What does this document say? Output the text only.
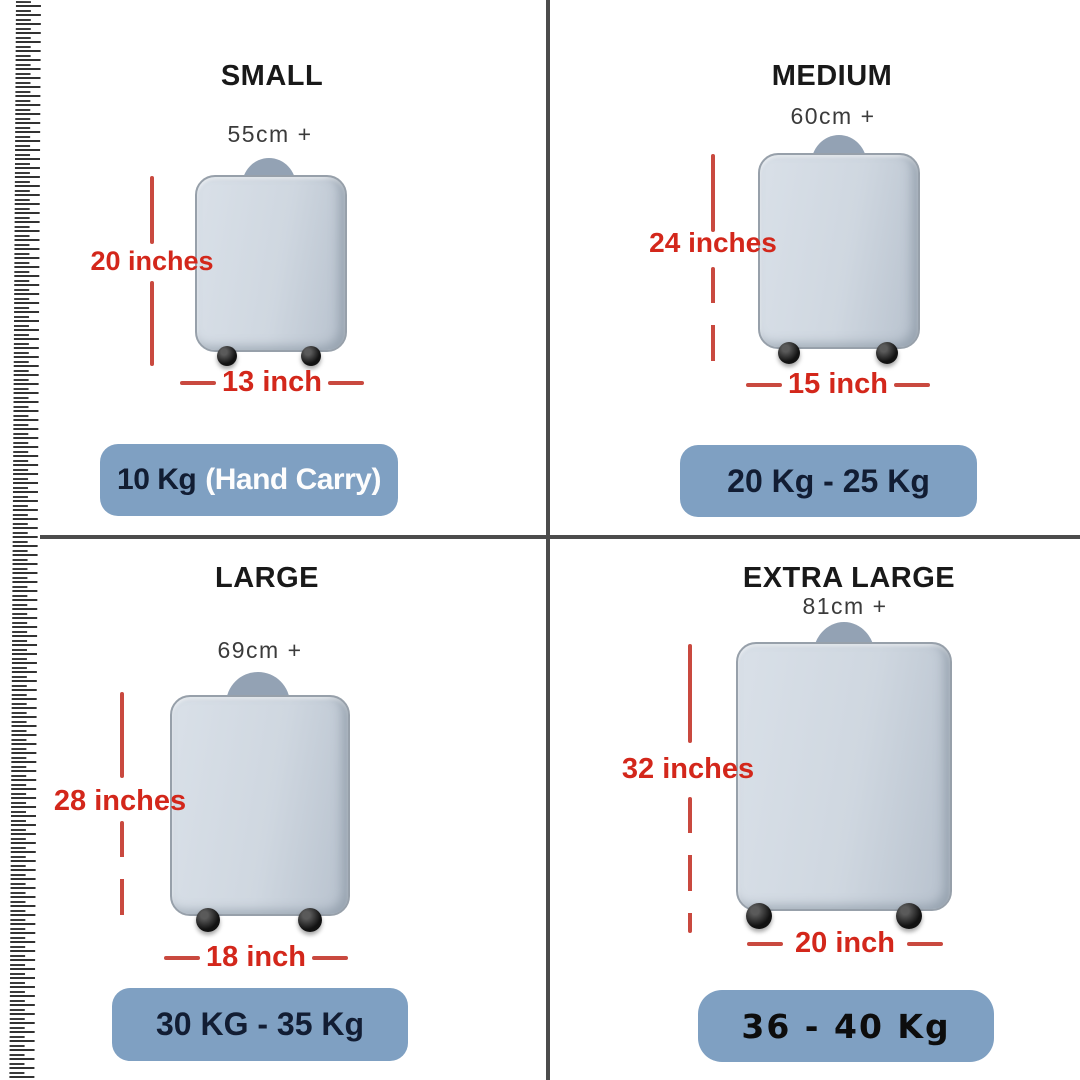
SMALL
55cm +
20 inches
13 inch
10 Kg (Hand Carry)
MEDIUM
60cm +
24 inches
15 inch
20 Kg - 25 Kg
LARGE
69cm +
28 inches
18 inch
30 KG - 35 Kg
EXTRA LARGE
81cm +
32 inches
20 inch
36 - 40 Kg
